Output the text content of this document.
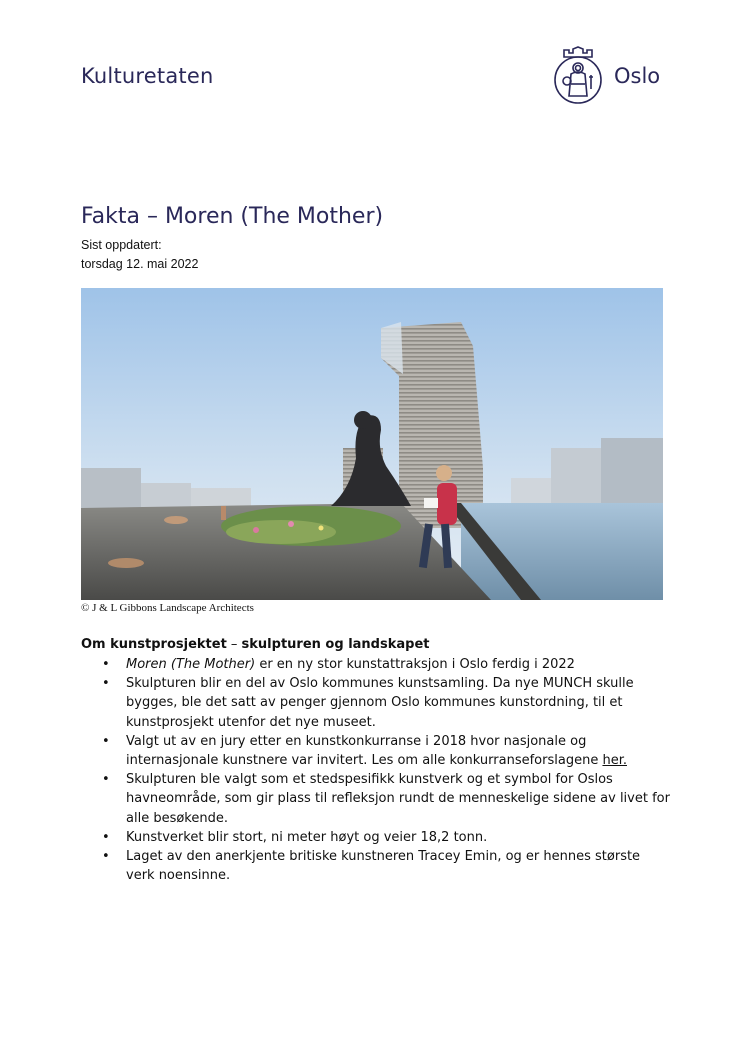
Kulturetaten	Oslo
Fakta – Moren (The Mother)
Sist oppdatert:
torsdag 12. mai 2022
© J & L Gibbons Landscape Architects
Om kunstprosjektet – skulpturen og landskapet
• Moren (The Mother) er en ny stor kunstattraksjon i Oslo ferdig i 2022
• Skulpturen blir en del av Oslo kommunes kunstsamling. Da nye MUNCH skulle bygges, ble det satt av penger gjennom Oslo kommunes kunstordning, til et kunstprosjekt utenfor det nye museet.
• Valgt ut av en jury etter en kunstkonkurranse i 2018 hvor nasjonale og internasjonale kunstnere var invitert. Les om alle konkurranseforslagene her.
• Skulpturen ble valgt som et stedspesifikk kunstverk og et symbol for Oslos havneområde, som gir plass til refleksjon rundt de menneskelige sidene av livet for alle besøkende.
• Kunstverket blir stort, ni meter høyt og veier 18,2 tonn.
• Laget av den anerkjente britiske kunstneren Tracey Emin, og er hennes største verk noensinne.
